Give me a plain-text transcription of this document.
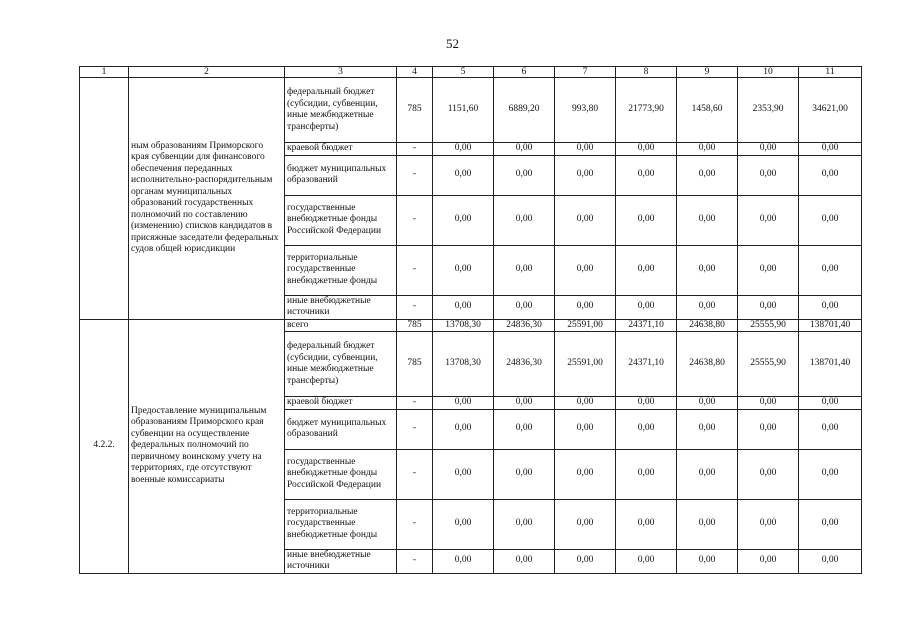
52
1	2	3	4	5	6	7	8	9	10	11
	ным образованиям Приморского края субвенции для финансового обеспечения переданных исполнительно-распорядительным органам муниципальных образований государственных полномочий по составлению (изменению) списков кандидатов в присяжные заседатели федеральных судов общей юрисдикции	федеральный бюджет (субсидии, субвенции, иные межбюджетные трансферты)	785	1151,60	6889,20	993,80	21773,90	1458,60	2353,90	34621,00
		краевой бюджет	-	0,00	0,00	0,00	0,00	0,00	0,00	0,00
		бюджет муниципальных образований	-	0,00	0,00	0,00	0,00	0,00	0,00	0,00
		государственные внебюджетные фонды Российской Федерации	-	0,00	0,00	0,00	0,00	0,00	0,00	0,00
		территориальные государственные внебюджетные фонды	-	0,00	0,00	0,00	0,00	0,00	0,00	0,00
		иные внебюджетные источники	-	0,00	0,00	0,00	0,00	0,00	0,00	0,00
4.2.2.	Предоставление муниципальным образованиям Приморского края субвенции на осуществление федеральных полномочий по первичному воинскому учету на территориях, где отсутствуют военные комиссариаты	всего	785	13708,30	24836,30	25591,00	24371,10	24638,80	25555,90	138701,40
		федеральный бюджет (субсидии, субвенции, иные межбюджетные трансферты)	785	13708,30	24836,30	25591,00	24371,10	24638,80	25555,90	138701,40
		краевой бюджет	-	0,00	0,00	0,00	0,00	0,00	0,00	0,00
		бюджет муниципальных образований	-	0,00	0,00	0,00	0,00	0,00	0,00	0,00
		государственные внебюджетные фонды Российской Федерации	-	0,00	0,00	0,00	0,00	0,00	0,00	0,00
		территориальные государственные внебюджетные фонды	-	0,00	0,00	0,00	0,00	0,00	0,00	0,00
		иные внебюджетные источники	-	0,00	0,00	0,00	0,00	0,00	0,00	0,00
